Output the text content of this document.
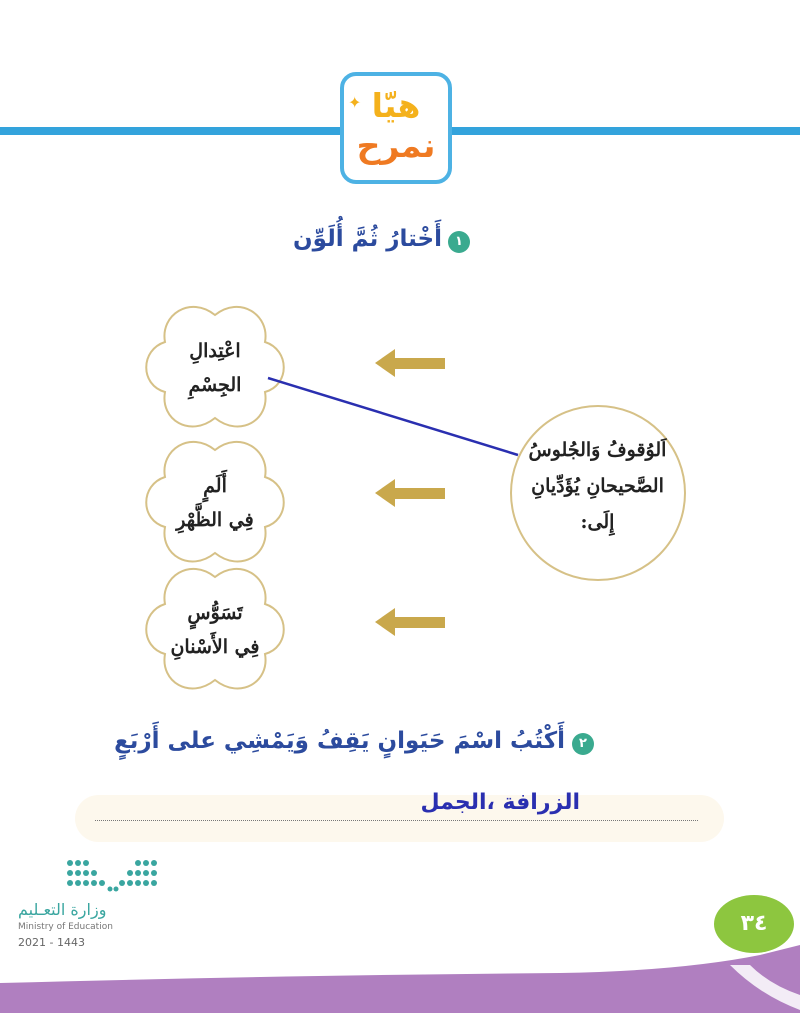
هيّا
نمرح
✦
١
أَخْتارُ ثُمَّ أُلَوِّن
اعْتِدالِ
الجِسْمِ
أَلَمٍ
فِي الظَّهْرِ
تَسَوُّسٍ
فِي الأَسْنانِ
اَلوُقوفُ وَالجُلوسُ
الصَّحيحانِ يُؤَدِّيانِ
إِلَى:
٢
أَكْتُبُ اسْمَ حَيَوانٍ يَقِفُ وَيَمْشِي على أَرْبَعٍ
الزرافة ،الجمل
وزارة التعـليم
Ministry of Education
2021 - 1443
٣٤
